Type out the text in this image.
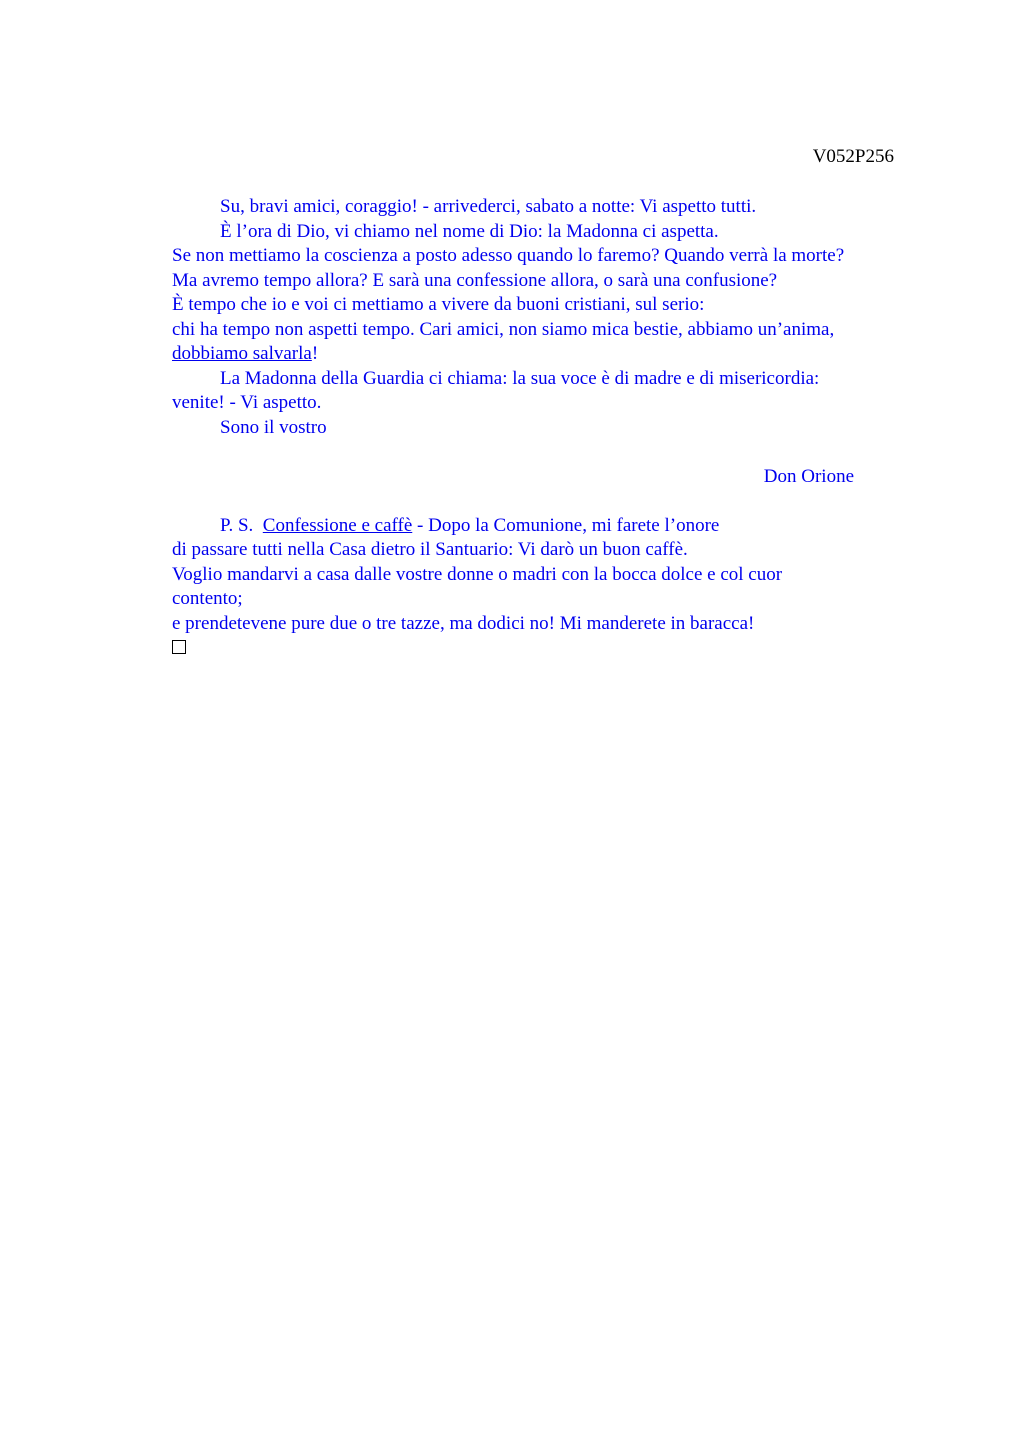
V052P256
Su, bravi amici, coraggio! - arrivederci, sabato a notte: Vi aspetto tutti.
È l’ora di Dio, vi chiamo nel nome di Dio: la Madonna ci aspetta.
Se non mettiamo la coscienza a posto adesso quando lo faremo? Quando verrà la morte?
Ma avremo tempo allora? E sarà una confessione allora, o sarà una confusione?
È tempo che io e voi ci mettiamo a vivere da buoni cristiani, sul serio:
chi ha tempo non aspetti tempo. Cari amici, non siamo mica bestie, abbiamo un’anima,
dobbiamo salvarla!
La Madonna della Guardia ci chiama: la sua voce è di madre e di misericordia:
venite! - Vi aspetto.
Sono il vostro
Don Orione
P. S. Confessione e caffè - Dopo la Comunione, mi farete l’onore
di passare tutti nella Casa dietro il Santuario: Vi darò un buon caffè.
Voglio mandarvi a casa dalle vostre donne o madri con la bocca dolce e col cuor
contento;
e prendetevene pure due o tre tazze, ma dodici no! Mi manderete in baracca!
